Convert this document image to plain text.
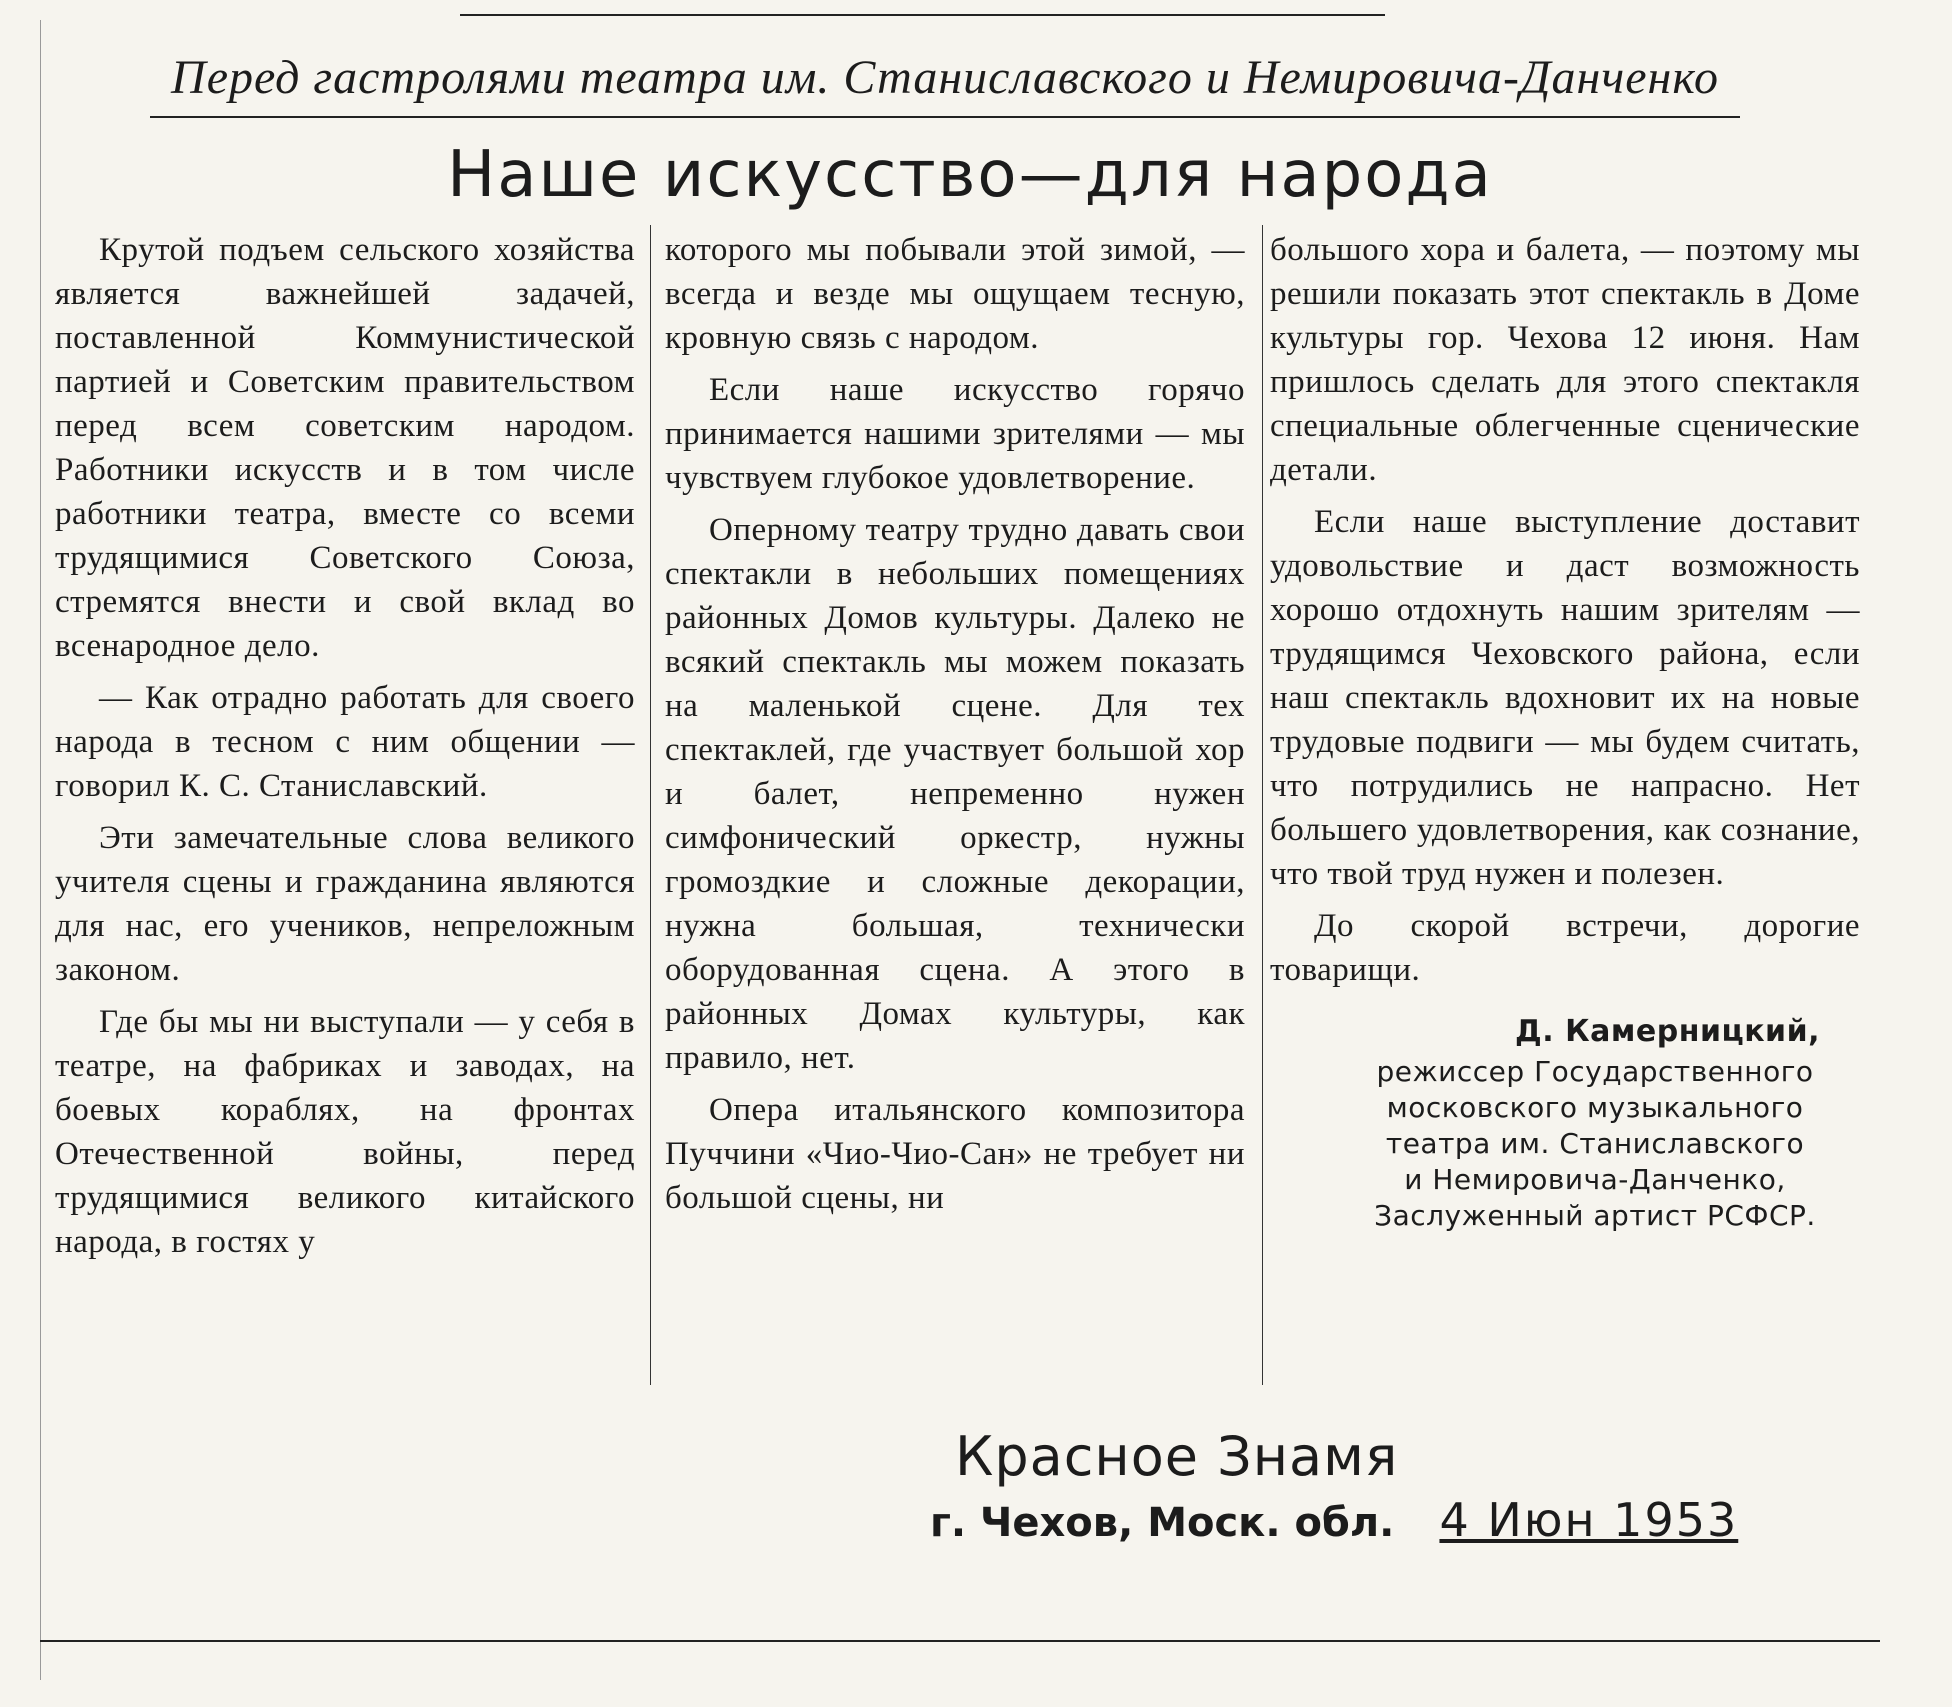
Перед гастролями театра им. Станиславского и Немировича-Данченко
Наше искусство—для народа

Крутой подъем сельского хозяйства является важнейшей задачей, поставленной Коммунистической партией и Советским правительством перед всем советским народом. Работники искусств и в том числе работники театра, вместе со всеми трудящимися Советского Союза, стремятся внести и свой вклад во всенародное дело.

— Как отрадно работать для своего народа в тесном с ним общении — говорил К. С. Станиславский.

Эти замечательные слова великого учителя сцены и гражданина являются для нас, его учеников, непреложным законом.

Где бы мы ни выступали — у себя в театре, на фабриках и заводах, на боевых кораблях, на фронтах Отечественной войны, перед трудящимися великого китайского народа, в гостях у

которого мы побывали этой зимой, — всегда и везде мы ощущаем тесную, кровную связь с народом.

Если наше искусство горячо принимается нашими зрителями — мы чувствуем глубокое удовлетворение.

Оперному театру трудно давать свои спектакли в небольших помещениях районных Домов культуры. Далеко не всякий спектакль мы можем показать на маленькой сцене. Для тех спектаклей, где участвует большой хор и балет, непременно нужен симфонический оркестр, нужны громоздкие и сложные декорации, нужна большая, технически оборудованная сцена. А этого в районных Домах культуры, как правило, нет.

Опера итальянского композитора Пуччини «Чио-Чио-Сан» не требует ни большой сцены, ни

большого хора и балета, — поэтому мы решили показать этот спектакль в Доме культуры гор. Чехова 12 июня. Нам пришлось сделать для этого спектакля специальные облегченные сценические детали.

Если наше выступление доставит удовольствие и даст возможность хорошо отдохнуть нашим зрителям — трудящимся Чеховского района, если наш спектакль вдохновит их на новые трудовые подвиги — мы будем считать, что потрудились не напрасно. Нет большего удовлетворения, как сознание, что твой труд нужен и полезен.

До скорой встречи, дорогие товарищи.

Д. Камерницкий,
режиссер Государственного
московского музыкального
театра им. Станиславского
и Немировича-Данченко,
Заслуженный артист РСФСР.
Красное Знамя
г. Чехов, Моск. обл. 4 Июн 1953
